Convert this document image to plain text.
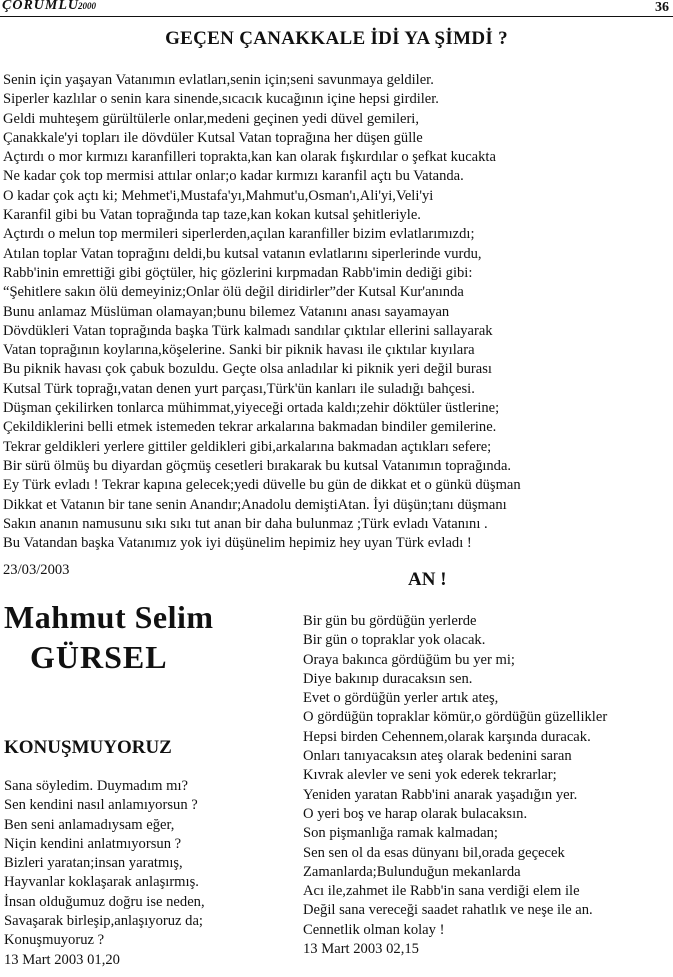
ÇORUMLU
2000	36
GEÇEN ÇANAKKALE İDİ YA ŞİMDİ ?
Senin için yaşayan Vatanımın evlatları,senin için;seni savunmaya geldiler.
Siperler kazlılar o senin kara sinende,sıcacık kucağının içine hepsi girdiler.
Geldi muhteşem gürültülerle onlar,medeni geçinen yedi düvel gemileri,
Çanakkale'yi topları ile dövdüler Kutsal Vatan toprağına her düşen gülle
Açtırdı o mor kırmızı karanfilleri toprakta,kan kan olarak fışkırdılar o şefkat kucakta
Ne kadar çok top mermisi attılar onlar;o kadar kırmızı karanfil açtı bu Vatanda.
O kadar çok açtı ki; Mehmet'i,Mustafa'yı,Mahmut'u,Osman'ı,Ali'yi,Veli'yi
Karanfil gibi bu Vatan toprağında tap taze,kan kokan kutsal şehitleriyle.
Açtırdı o melun top mermileri siperlerden,açılan karanfiller bizim evlatlarımızdı;
Atılan toplar Vatan toprağını deldi,bu kutsal vatanın evlatlarını siperlerinde vurdu,
Rabb'inin emrettiği gibi göçtüler, hiç gözlerini kırpmadan Rabb'imin dediği gibi:
“Şehitlere sakın ölü demeyiniz;Onlar ölü değil diridirler”der Kutsal Kur'anında
Bunu anlamaz Müslüman olamayan;bunu bilemez Vatanını anası sayamayan
Dövdükleri Vatan toprağında başka Türk kalmadı sandılar çıktılar ellerini sallayarak
Vatan toprağının koylarına,köşelerine. Sanki bir piknik havası ile çıktılar kıyılara
Bu piknik havası çok çabuk bozuldu. Geçte olsa anladılar ki piknik yeri değil burası
Kutsal Türk toprağı,vatan denen yurt parçası,Türk'ün kanları ile suladığı bahçesi.
Düşman çekilirken tonlarca mühimmat,yiyeceği ortada kaldı;zehir döktüler üstlerine;
Çekildiklerini belli etmek istemeden tekrar arkalarına bakmadan bindiler gemilerine.
Tekrar geldikleri yerlere gittiler geldikleri gibi,arkalarına bakmadan açtıkları sefere;
Bir sürü ölmüş bu diyardan göçmüş cesetleri bırakarak bu kutsal Vatanımın toprağında.
Ey Türk evladı ! Tekrar kapına gelecek;yedi düvelle bu gün de dikkat et o günkü düşman
Dikkat et Vatanın bir tane senin Anandır;Anadolu demiştiAtan. İyi düşün;tanı düşmanı
Sakın ananın namusunu sıkı sıkı tut anan bir daha bulunmaz ;Türk evladı Vatanını .
Bu Vatandan başka Vatanımız yok iyi düşünelim hepimiz hey uyan Türk evladı !
23/03/2003	AN !
Mahmut Selim
GÜRSEL
KONUŞMUYORUZ
Sana söyledim. Duymadım mı?
Sen kendini nasıl anlamıyorsun ?
Ben seni anlamadıysam eğer,
Niçin kendini anlatmıyorsun ?
Bizleri yaratan;insan yaratmış,
Hayvanlar koklaşarak anlaşırmış.
İnsan olduğumuz doğru ise neden,
Savaşarak birleşip,anlaşıyoruz da;
Konuşmuyoruz ?
13 Mart 2003 01,20
Bir gün bu gördüğün yerlerde
Bir gün o topraklar yok olacak.
Oraya bakınca gördüğüm bu yer mi;
Diye bakınıp duracaksın sen.
Evet o gördüğün yerler artık ateş,
O gördüğün topraklar kömür,o gördüğün güzellikler
Hepsi birden Cehennem,olarak karşında duracak.
Onları tanıyacaksın ateş olarak bedenini saran
Kıvrak alevler ve seni yok ederek tekrarlar;
Yeniden yaratan Rabb'ini anarak yaşadığın yer.
O yeri boş ve harap olarak bulacaksın.
Son pişmanlığa ramak kalmadan;
Sen sen ol da esas dünyanı bil,orada geçecek
Zamanlarda;Bulunduğun mekanlarda
Acı ile,zahmet ile Rabb'in sana verdiği elem ile
Değil sana vereceği saadet rahatlık ve neşe ile an.
Cennetlik olman kolay !
13 Mart 2003 02,15
